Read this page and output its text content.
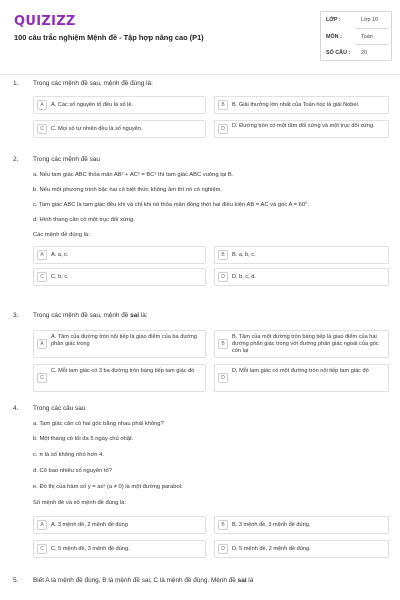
QUIZIZZ
100 câu trắc nghiệm Mệnh đề - Tập hợp nâng cao (P1)
LỚP :	Lớp 10
MÔN :	Toán
SỐ CÂU : 20
1. Trong các mệnh đề sau, mệnh đề đúng là:
A	A. Các số nguyên tố đều là số lẻ.	B	B. Giải thưởng lớn nhất của Toán học là giải Nobel.
C	C. Mọi số tự nhiên đều là số nguyên.	D	D. Đường tròn có một tâm đối xứng và một trục đối xứng.
2. Trong các mệnh đề sau
a. Nếu tam giác ABC thỏa mãn AB² + AC² = BC² thì tam giác ABC vuông tại B.
b. Nếu một phương trình bậc hai có biệt thức không âm thì nó có nghiệm.
c. Tam giác ABC là tam giác đều khi và chỉ khi nó thỏa mãn đồng thời hai điều kiện AB = AC và góc A = 60⁰.
d. Hình thang cân có một trục đối xứng.
Các mệnh đề đúng là:
A	A. a, c.	B	B. a, b, c.
C	C. b, c.	D	D. b, c, d.
3. Trong các mệnh đề sau, mệnh đề sai là:
A
A. Tâm của đường tròn nội tiếp là giao điểm của ba đường phân giác trong	B
B. Tâm của một đường tròn bàng tiếp là giao điểm của hai đường phân giác trong với đường phân giác ngoài của góc còn lại
C
C. Mỗi tam giác có 3 ba đường tròn bàng tiếp tam giác đó
D
D. Mỗi tam giác có một đường tròn nội tiếp tam giác đó
4. Trong các câu sau
a. Tam giác cân có hai góc bằng nhau phải không?
b. Một tháng có tối đa 5 ngày chủ nhật.
c. π là số không nhỏ hơn 4.
d. Cô bao nhiêu số nguyên tố?
e. Đồ thị của hàm số y = ax² (a ≠ 0) là một đường parabol.
Số mệnh đề và số mệnh đề đúng là:
A	A. 3 mệnh đề, 2 mệnh đề đúng	B	B. 3 mệnh đề, 3 mệnh đề đúng.
C	C. 5 mệnh đề, 3 mệnh đề đúng.	D	D. 5 mệnh đề, 2 mệnh đề đúng.
5. Biết A là mệnh đề đúng, B là mệnh đề sai, C là mệnh đề đúng. Mệnh đề sai là
